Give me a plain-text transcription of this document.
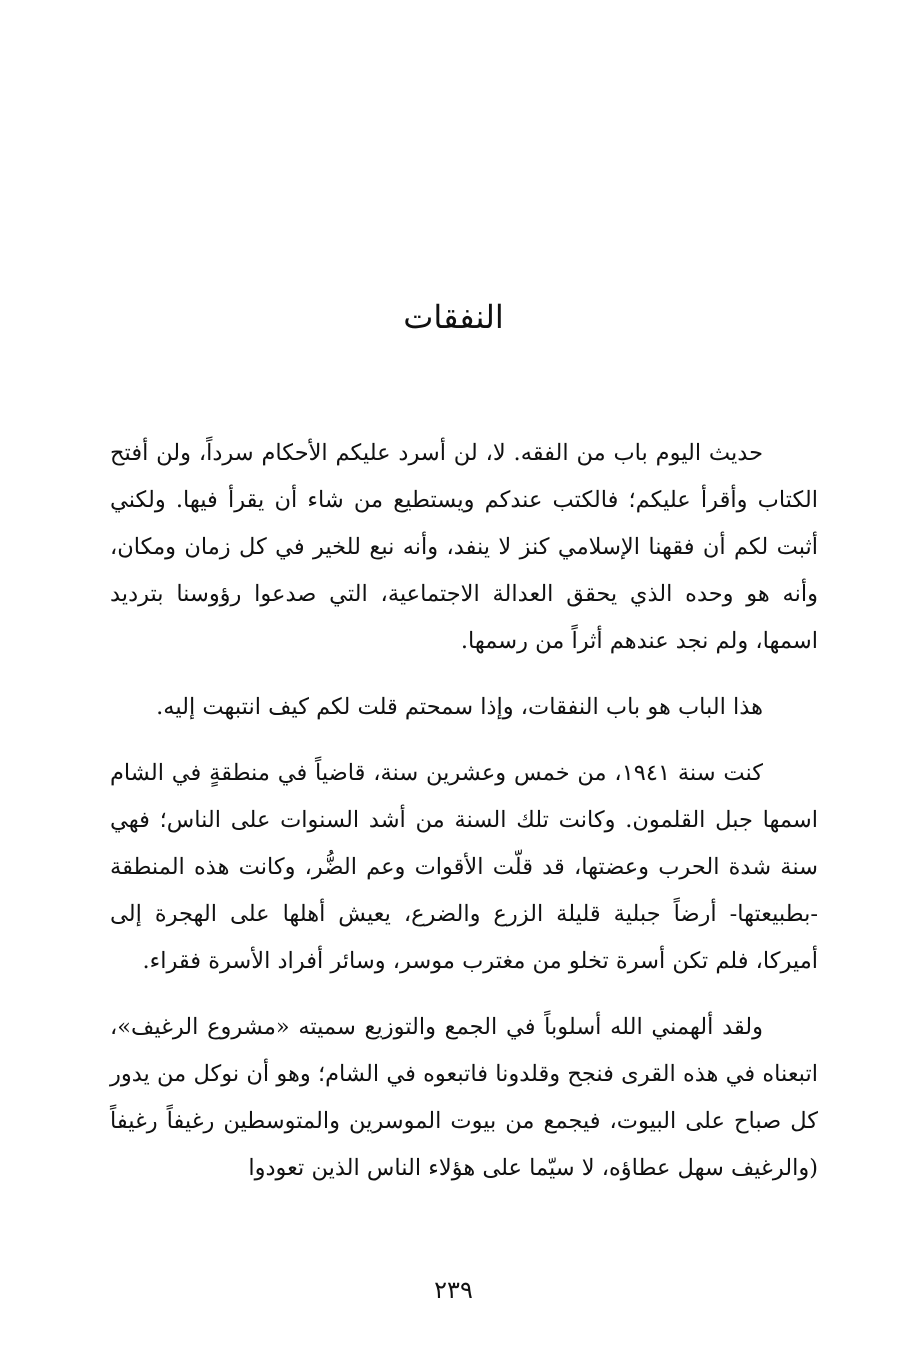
النفقات

حديث اليوم باب من الفقه. لا، لن أسرد عليكم الأحكام سرداً، ولن أفتح الكتاب وأقرأ عليكم؛ فالكتب عندكم ويستطيع من شاء أن يقرأ فيها. ولكني أثبت لكم أن فقهنا الإسلامي كنز لا ينفد، وأنه نبع للخير في كل زمان ومكان، وأنه هو وحده الذي يحقق العدالة الاجتماعية، التي صدعوا رؤوسنا بترديد اسمها، ولم نجد عندهم أثراً من رسمها.

هذا الباب هو باب النفقات، وإذا سمحتم قلت لكم كيف انتبهت إليه.

كنت سنة ١٩٤١، من خمس وعشرين سنة، قاضياً في منطقةٍ في الشام اسمها جبل القلمون. وكانت تلك السنة من أشد السنوات على الناس؛ فهي سنة شدة الحرب وعضتها، قد قلّت الأقوات وعم الضُّر، وكانت هذه المنطقة -بطبيعتها- أرضاً جبلية قليلة الزرع والضرع، يعيش أهلها على الهجرة إلى أميركا، فلم تكن أسرة تخلو من مغترب موسر، وسائر أفراد الأسرة فقراء.

ولقد ألهمني الله أسلوباً في الجمع والتوزيع سميته «مشروع الرغيف»، اتبعناه في هذه القرى فنجح وقلدونا فاتبعوه في الشام؛ وهو أن نوكل من يدور كل صباح على البيوت، فيجمع من بيوت الموسرين والمتوسطين رغيفاً رغيفاً (والرغيف سهل عطاؤه، لا سيّما على هؤلاء الناس الذين تعودوا

٢٣٩
